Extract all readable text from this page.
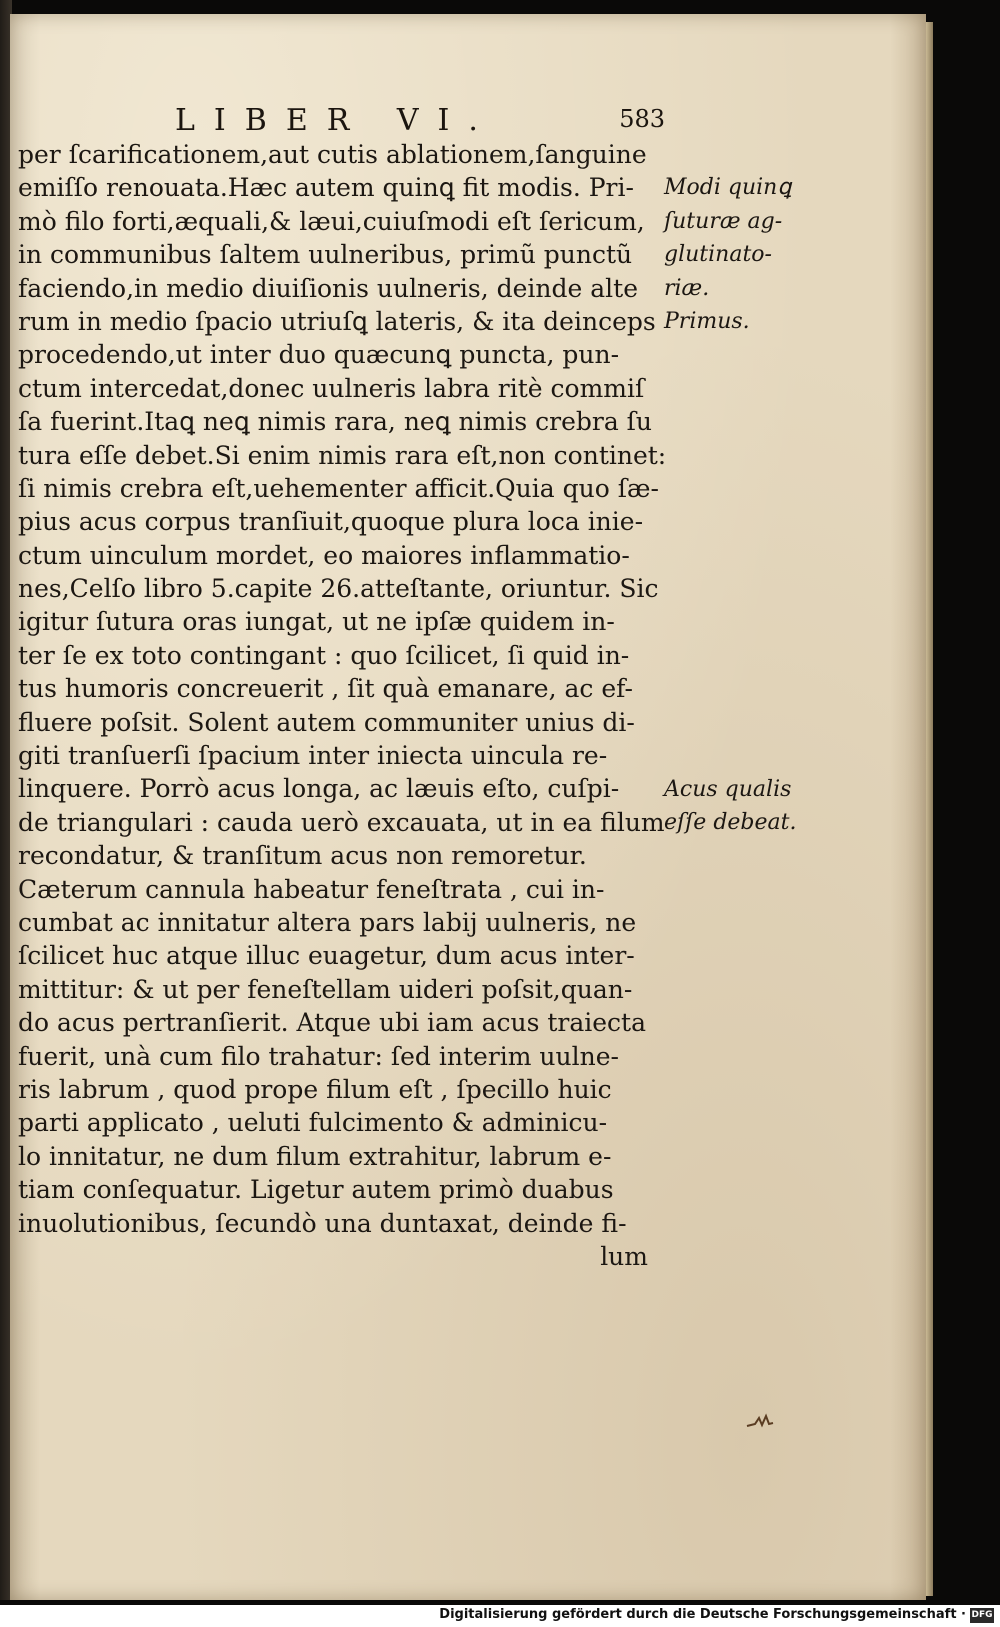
LIBER VI.	583
per ſcarificationem,aut cutis ablationem,ſanguine
emiſſo renouata.Hæc autem quinꝗ fit modis. Pri-
mò filo forti,æquali,& læui,cuiuſmodi eſt ſericum,
in communibus ſaltem uulneribus, primũ punctũ
faciendo,in medio diuiſionis uulneris, deinde alte
rum in medio ſpacio utriuſꝗ lateris, & ita deinceps
procedendo,ut inter duo quæcunꝗ puncta, pun-
ctum intercedat,donec uulneris labra ritè commiſ
ſa fuerint.Itaꝗ neꝗ nimis rara, neꝗ nimis crebra ſu
tura eſſe debet.Si enim nimis rara eſt,non continet:
ſi nimis crebra eſt,uehementer afficit.Quia quo ſæ-
pius acus corpus tranſiuit,quoque plura loca inie-
ctum uinculum mordet, eo maiores inflammatio-
nes,Celſo libro 5.capite 26.atteſtante, oriuntur. Sic
igitur ſutura oras iungat, ut ne ipſæ quidem in-
ter ſe ex toto contingant : quo ſcilicet, ſi quid in-
tus humoris concreuerit , ſit quà emanare, ac ef-
fluere poſsit. Solent autem communiter unius di-
giti tranſuerſi ſpacium inter iniecta uincula re-
linquere. Porrò acus longa, ac læuis eſto, cuſpi-
de triangulari : cauda uerò excauata, ut in ea filum
recondatur, & tranſitum acus non remoretur.
Cæterum cannula habeatur feneſtrata , cui in-
cumbat ac innitatur altera pars labij uulneris, ne
ſcilicet huc atque illuc euagetur, dum acus inter-
mittitur: & ut per feneſtellam uideri poſsit,quan-
do acus pertranſierit. Atque ubi iam acus traiecta
fuerit, unà cum filo trahatur: ſed interim uulne-
ris labrum , quod prope filum eſt , ſpecillo huic
parti applicato , ueluti fulcimento & adminicu-
lo innitatur, ne dum filum extrahitur, labrum e-
tiam conſequatur. Ligetur autem primò duabus
inuolutionibus, ſecundò una duntaxat, deinde fi-
lum
Modi quinꝗ
ſuturæ ag-
glutinato-
riæ.
Primus.
Acus qualis
eſſe debeat.
Digitalisierung gefördert durch die Deutsche Forschungsgemeinschaft · DFG
